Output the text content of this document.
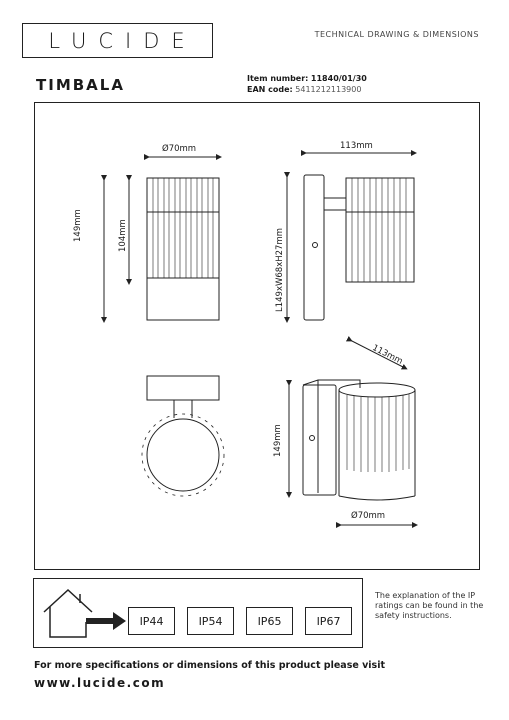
LUCIDE	TECHNICAL DRAWING & DIMENSIONS
TIMBALA	Item number: 11840/01/30
EAN code: 5411212113900
Ø70mm	113mm
149mm	104mm	L149xW68xH27mm
113mm
149mm
Ø70mm
IP44	IP54	IP65	IP67
The explanation of the IP ratings can be found in the safety instructions.
For more specifications or dimensions of this product please visit
www.lucide.com
